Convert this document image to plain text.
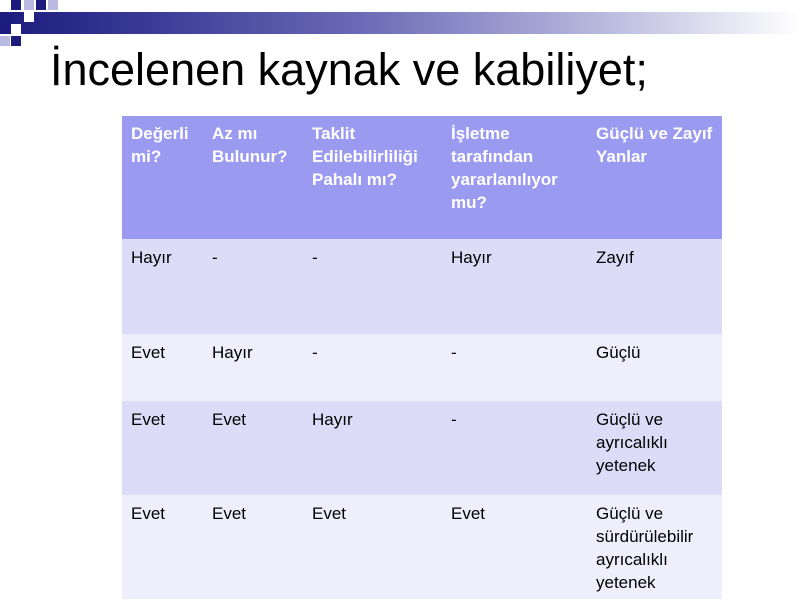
İncelenen kaynak ve kabiliyet;
Değerli mi?	Az mı Bulunur?	Taklit Edilebilirliliği Pahalı mı?	İşletme tarafından yararlanılıyor mu?	Güçlü ve Zayıf Yanlar
Hayır	-	-	Hayır	Zayıf
Evet	Hayır	-	-	Güçlü
Evet	Evet	Hayır	-	Güçlü ve ayrıcalıklı yetenek
Evet	Evet	Evet	Evet	Güçlü ve sürdürülebilir ayrıcalıklı yetenek
